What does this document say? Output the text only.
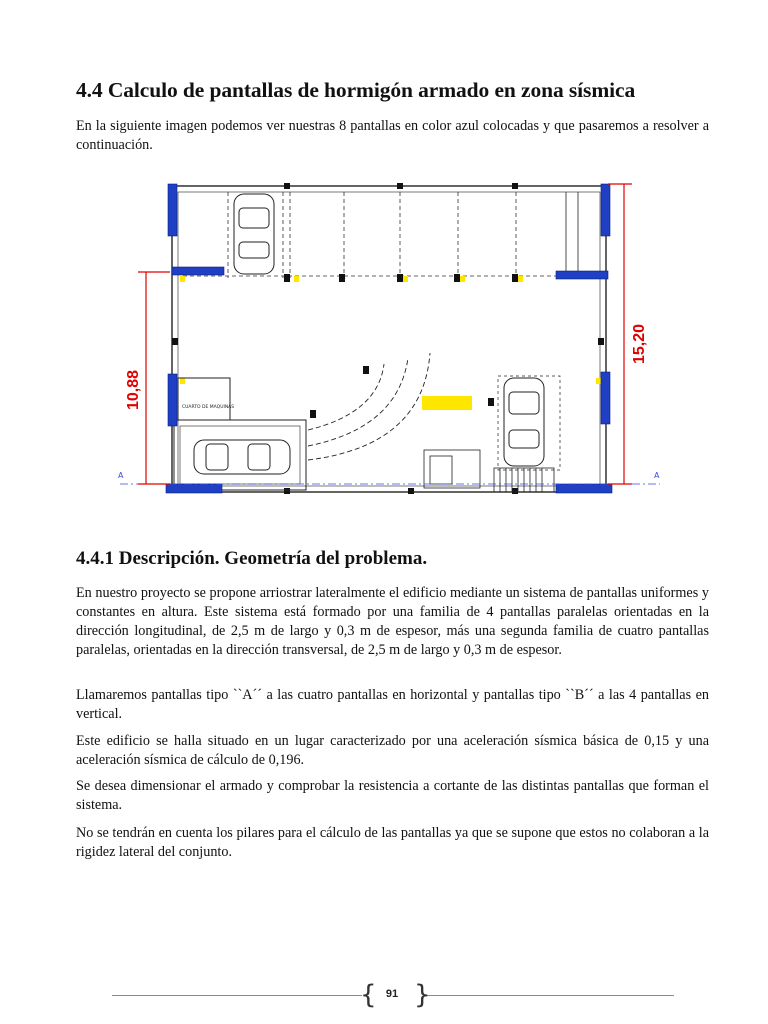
4.4 Calculo de pantallas de hormigón armado en zona sísmica

En la siguiente imagen podemos ver nuestras 8 pantallas en color azul colocadas y que pasaremos a resolver a continuación.

CUARTO DE MAQUINAS
A	A
10,88
15,20
4.4.1 Descripción. Geometría del problema.

En nuestro proyecto se propone arriostrar lateralmente el edificio mediante un sistema de pantallas uniformes y constantes en altura. Este sistema está formado por una familia de 4 pantallas paralelas orientadas en la dirección longitudinal, de 2,5 m de largo y 0,3 m de espesor, más una segunda familia de cuatro pantallas paralelas, orientadas en la dirección transversal, de 2,5 m de largo y 0,3 m de espesor.

Llamaremos pantallas tipo ``A´´ a las cuatro pantallas en horizontal y pantallas tipo ``B´´ a las 4 pantallas en vertical.

Este edificio se halla situado en un lugar caracterizado por una aceleración sísmica básica de 0,15 y una aceleración sísmica de cálculo de 0,196.

Se desea dimensionar el armado y comprobar la resistencia a cortante de las distintas pantallas que forman el sistema.

No se tendrán en cuenta los pilares para el cálculo de las pantallas ya que se supone que estos no colaboran a la rigidez lateral del conjunto.

{ }
91
